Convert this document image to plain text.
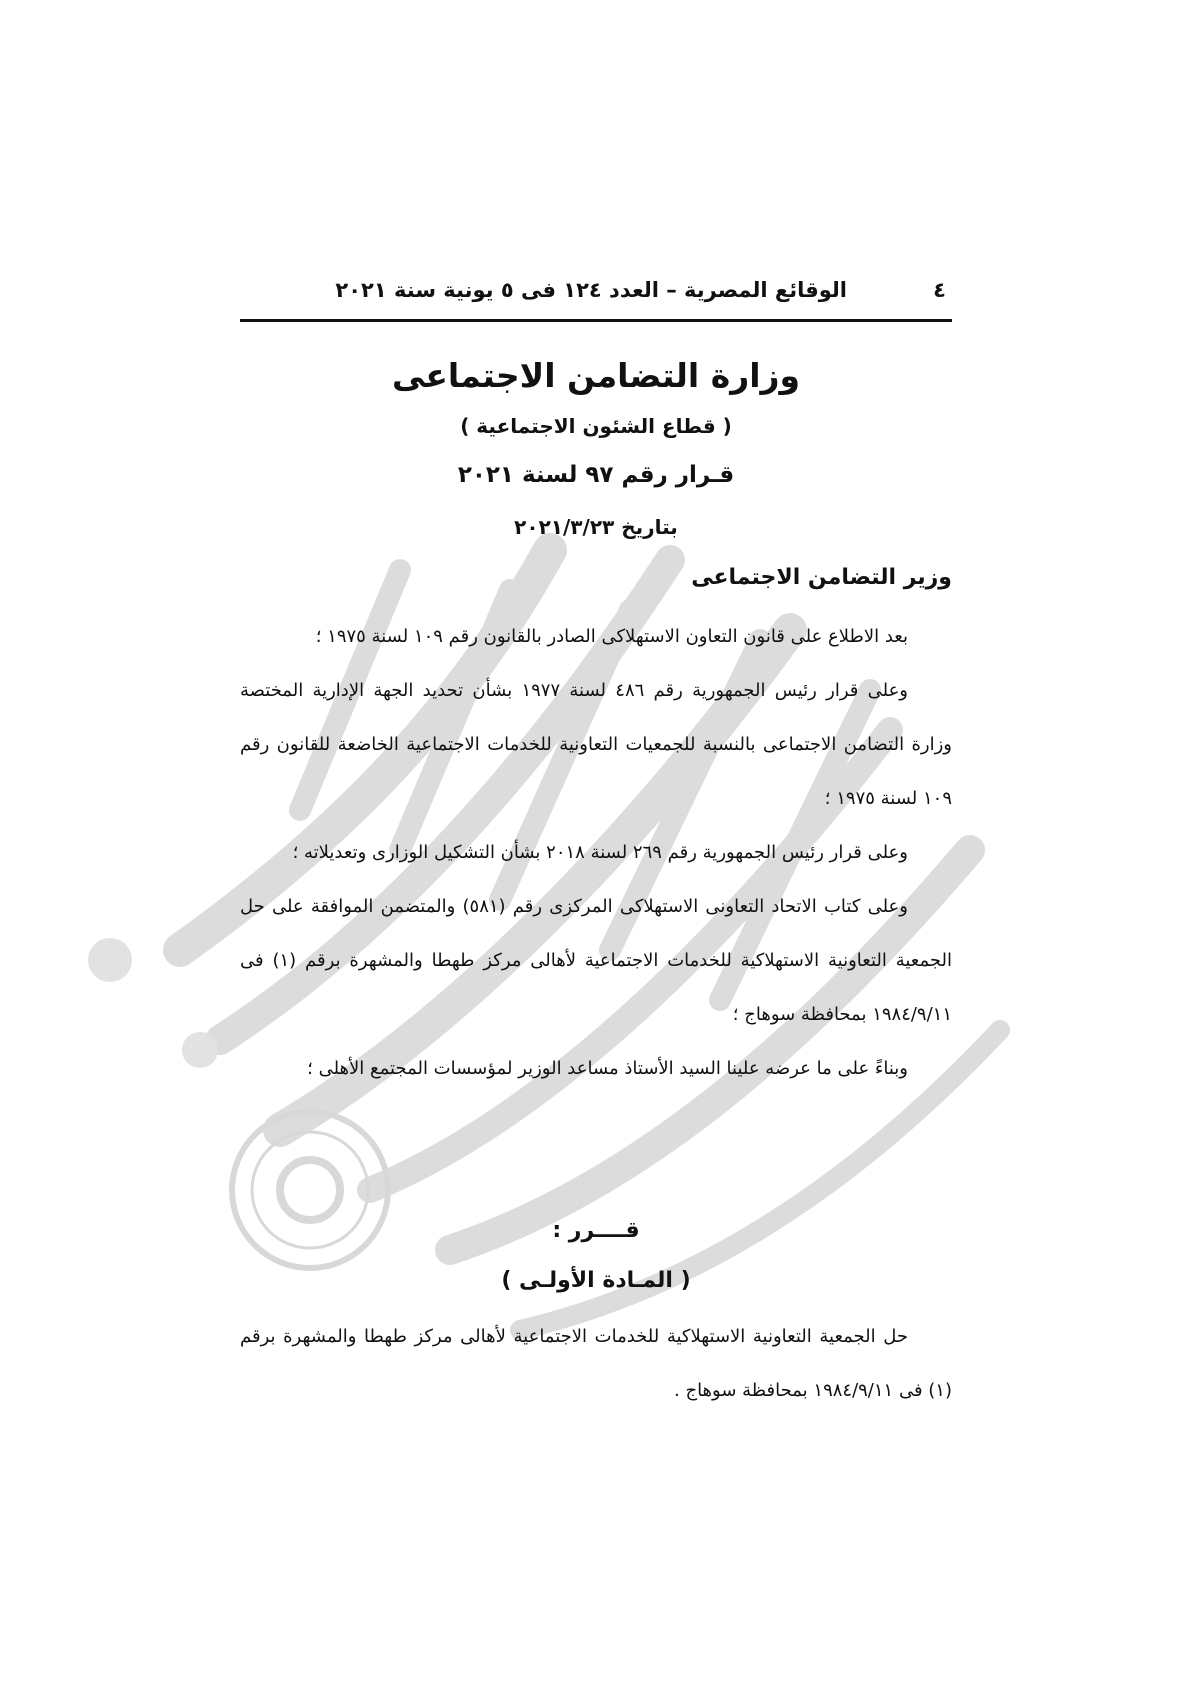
٤
الوقائع المصرية – العدد ١٢٤ فى ٥ يونية سنة ٢٠٢١
وزارة التضامن الاجتماعى
( قطاع الشئون الاجتماعية )
قـرار رقم ٩٧ لسنة ٢٠٢١
بتاريخ ٢٠٢١/٣/٢٣
وزير التضامن الاجتماعى

بعد الاطلاع على قانون التعاون الاستهلاكى الصادر بالقانون رقم ١٠٩ لسنة ١٩٧٥ ؛

وعلى قرار رئيس الجمهورية رقم ٤٨٦ لسنة ١٩٧٧ بشأن تحديد الجهة الإدارية المختصة وزارة التضامن الاجتماعى بالنسبة للجمعيات التعاونية للخدمات الاجتماعية الخاضعة للقانون رقم ١٠٩ لسنة ١٩٧٥ ؛

وعلى قرار رئيس الجمهورية رقم ٢٦٩ لسنة ٢٠١٨ بشأن التشكيل الوزارى وتعديلاته ؛

وعلى كتاب الاتحاد التعاونى الاستهلاكى المركزى رقم (٥٨١) والمتضمن الموافقة على حل الجمعية التعاونية الاستهلاكية للخدمات الاجتماعية لأهالى مركز طهطا والمشهرة برقم (١) فى ١٩٨٤/٩/١١ بمحافظة سوهاج ؛

وبناءً على ما عرضه علينا السيد الأستاذ مساعد الوزير لمؤسسات المجتمع الأهلى ؛

قــــرر :
( المـادة الأولـى )

حل الجمعية التعاونية الاستهلاكية للخدمات الاجتماعية لأهالى مركز طهطا والمشهرة برقم (١) فى ١٩٨٤/٩/١١ بمحافظة سوهاج .
